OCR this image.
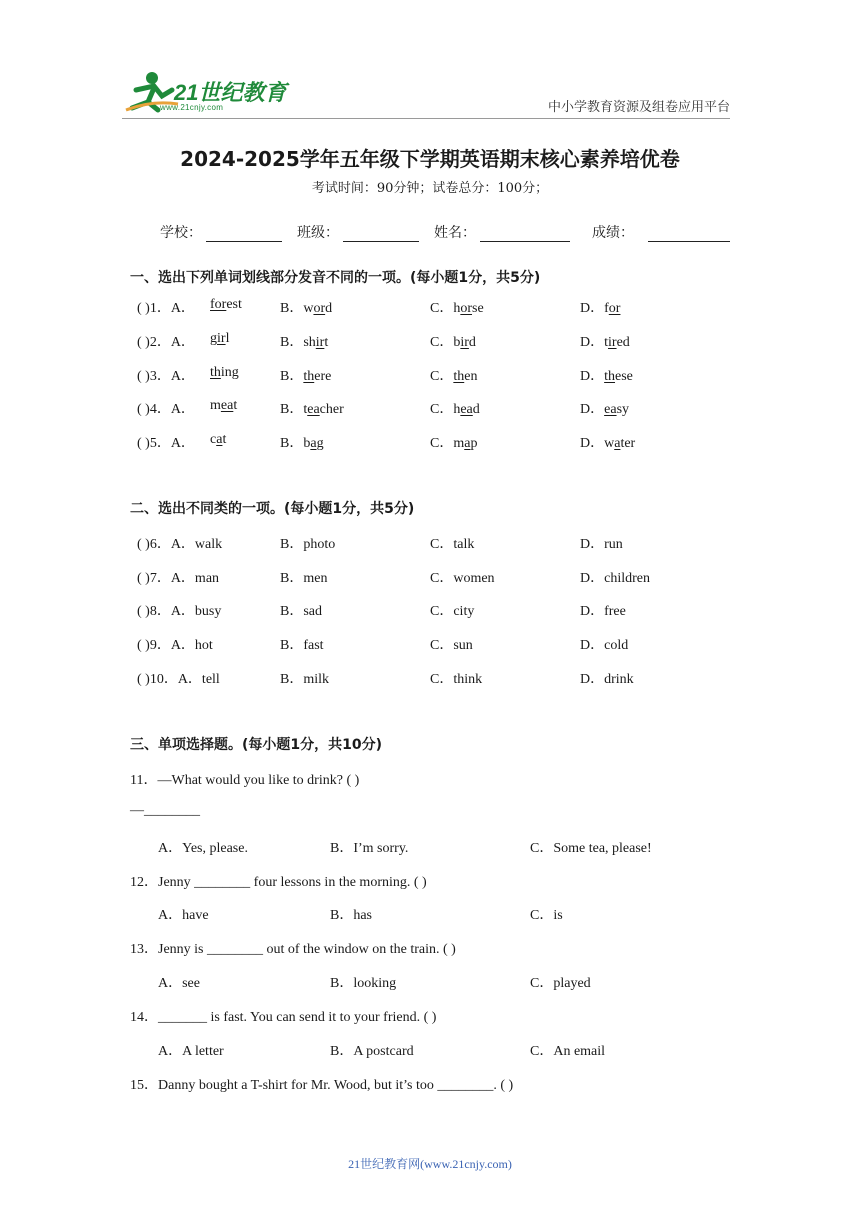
21世纪教育
www.21cnjy.com	中小学教育资源及组卷应用平台
2024-2025学年五年级下学期英语期末核心素养培优卷
考试时间：90分钟；试卷总分：100分；
学校：	班级：	姓名：	成绩：
一、选出下列单词划线部分发音不同的一项。(每小题1分，共5分)
( )1．A． forest	B．word	C．horse	D．for
( )2．A． girl	B．shirt	C．bird	D．tired
( )3．A． thing	B．there	C．then	D．these
( )4．A． meat	B．teacher	C．head	D．easy
( )5．A． cat	B．bag	C．map	D．water
二、选出不同类的一项。(每小题1分，共5分)
( )6．A．walk	B．photo	C．talk	D．run
( )7．A．man	B．men	C．women	D．children
( )8．A．busy	B．sad	C．city	D．free
( )9．A．hot	B．fast	C．sun	D．cold
( )10．A．tell	B．milk	C．think	D．drink
三、单项选择题。(每小题1分，共10分)
11．—What would you like to drink? ( )
—________
A．Yes, please.	B．I’m sorry.	C．Some tea, please!
12．Jenny ________ four lessons in the morning. ( )
A．have	B．has	C．is
13．Jenny is ________ out of the window on the train. ( )
A．see	B．looking	C．played
14．_______ is fast. You can send it to your friend. ( )
A．A letter	B．A postcard	C．An email
15．Danny bought a T-shirt for Mr. Wood, but it’s too ________. ( )
21世纪教育网(www.21cnjy.com)
